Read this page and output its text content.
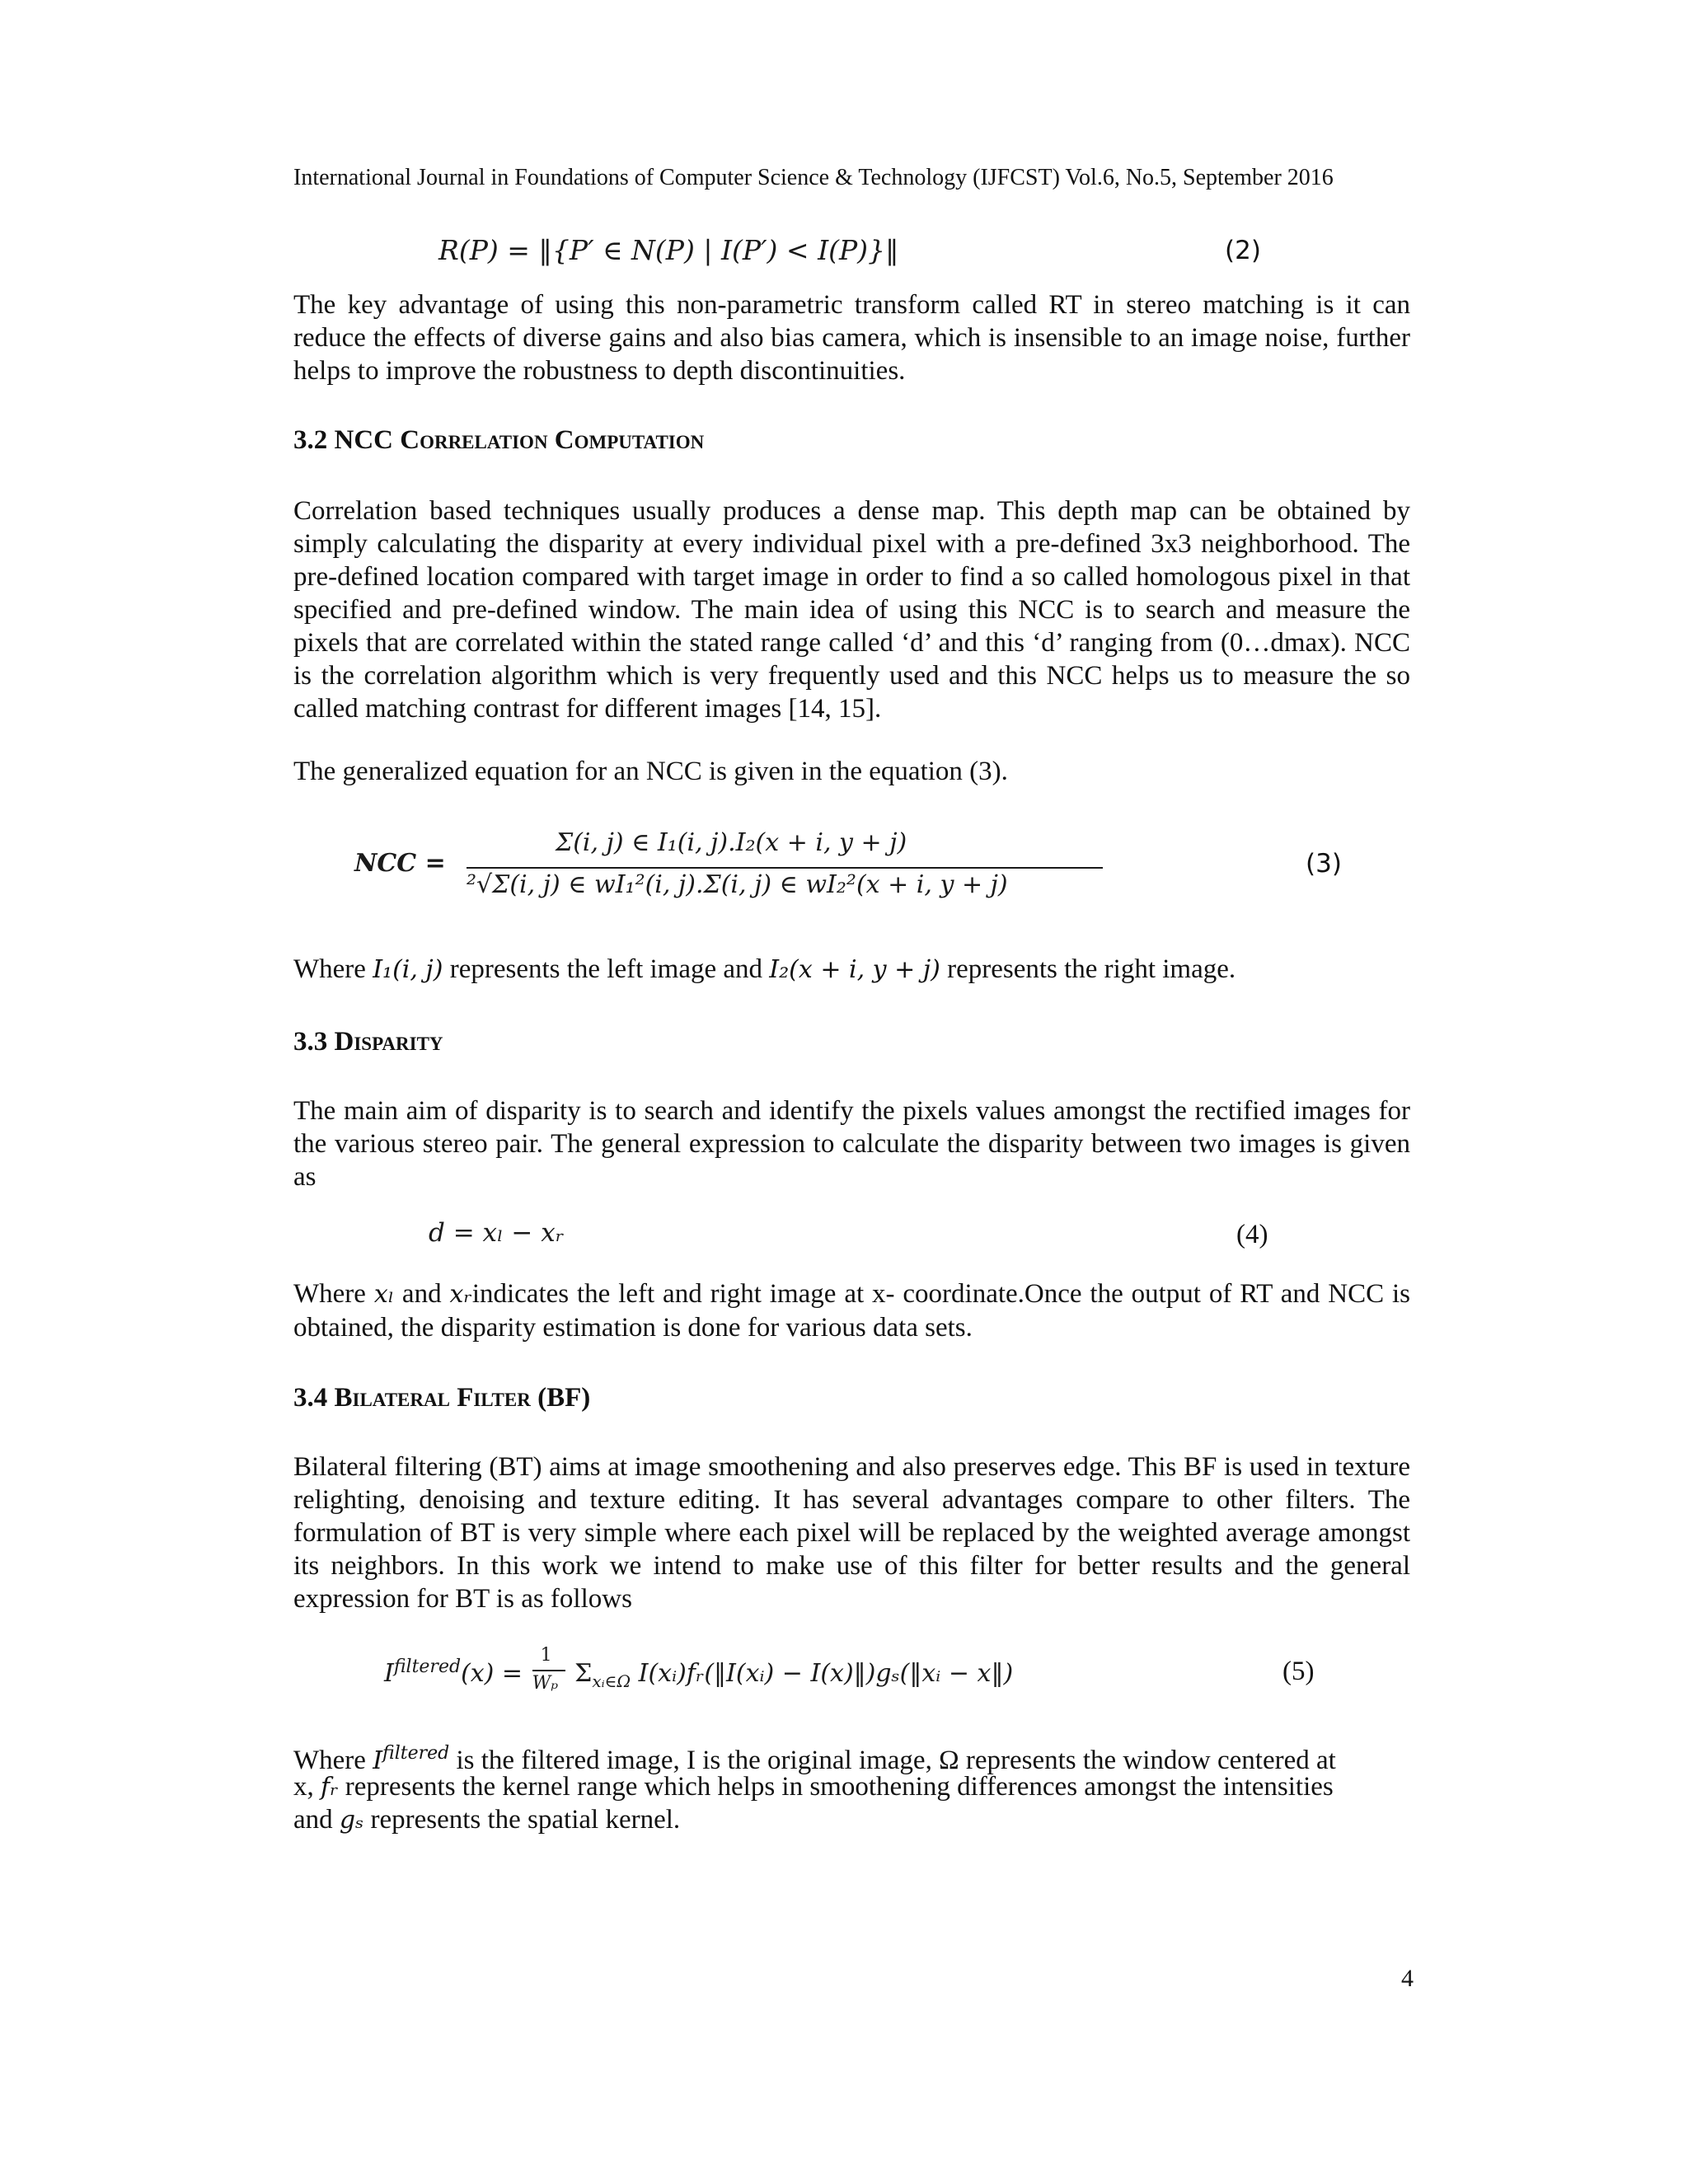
International Journal in Foundations of Computer Science & Technology (IJFCST) Vol.6, No.5, September 2016
R(P) = ‖{P′ ∈ N(P) | I(P′) < I(P)}‖	(2)
The key advantage of using this non-parametric transform called RT in stereo matching is it can reduce the effects of diverse gains and also bias camera, which is insensible to an image noise, further helps to improve the robustness to depth discontinuities.
3.2 NCC Correlation Computation
Correlation based techniques usually produces a dense map. This depth map can be obtained by simply calculating the disparity at every individual pixel with a pre-defined 3x3 neighborhood. The pre-defined location compared with target image in order to find a so called homologous pixel in that specified and pre-defined window. The main idea of using this NCC is to search and measure the pixels that are correlated within the stated range called ‘d’ and this ‘d’ ranging from (0…dmax). NCC is the correlation algorithm which is very frequently used and this NCC helps us to measure the so called matching contrast for different images [14, 15].
The generalized equation for an NCC is given in the equation (3).
NCC =
Σ(i, j) ∈ I₁(i, j).I₂(x + i, y + j)
²√Σ(i, j) ∈ wI₁²(i, j).Σ(i, j) ∈ wI₂²(x + i, y + j)
(3)
Where I₁(i, j) represents the left image and I₂(x + i, y + j) represents the right image.
3.3 Disparity
The main aim of disparity is to search and identify the pixels values amongst the rectified images for the various stereo pair. The general expression to calculate the disparity between two images is given as
d = xₗ − xᵣ	(4)
Where xₗ and xᵣindicates the left and right image at x- coordinate.Once the output of RT and NCC is obtained, the disparity estimation is done for various data sets.
3.4 Bilateral Filter (BF)
Bilateral filtering (BT) aims at image smoothening and also preserves edge. This BF is used in texture relighting, denoising and texture editing. It has several advantages compare to other filters. The formulation of BT is very simple where each pixel will be replaced by the weighted average amongst its neighbors. In this work we intend to make use of this filter for better results and the general expression for BT is as follows
$I^{filtered}(x) = \frac{1}{\text{Wₚ}} \Sigma_{xᵢ\in\Omega}$ I(xᵢ)fᵣ(‖I(xᵢ) − I(x)‖)gₛ(‖xᵢ − x‖)	(5)
Where $I^{filtered}$ is the filtered image, I is the original image, Ω represents the window centered at
x, fᵣ represents the kernel range which helps in smoothening differences amongst the intensities
and gₛ represents the spatial kernel.
4
